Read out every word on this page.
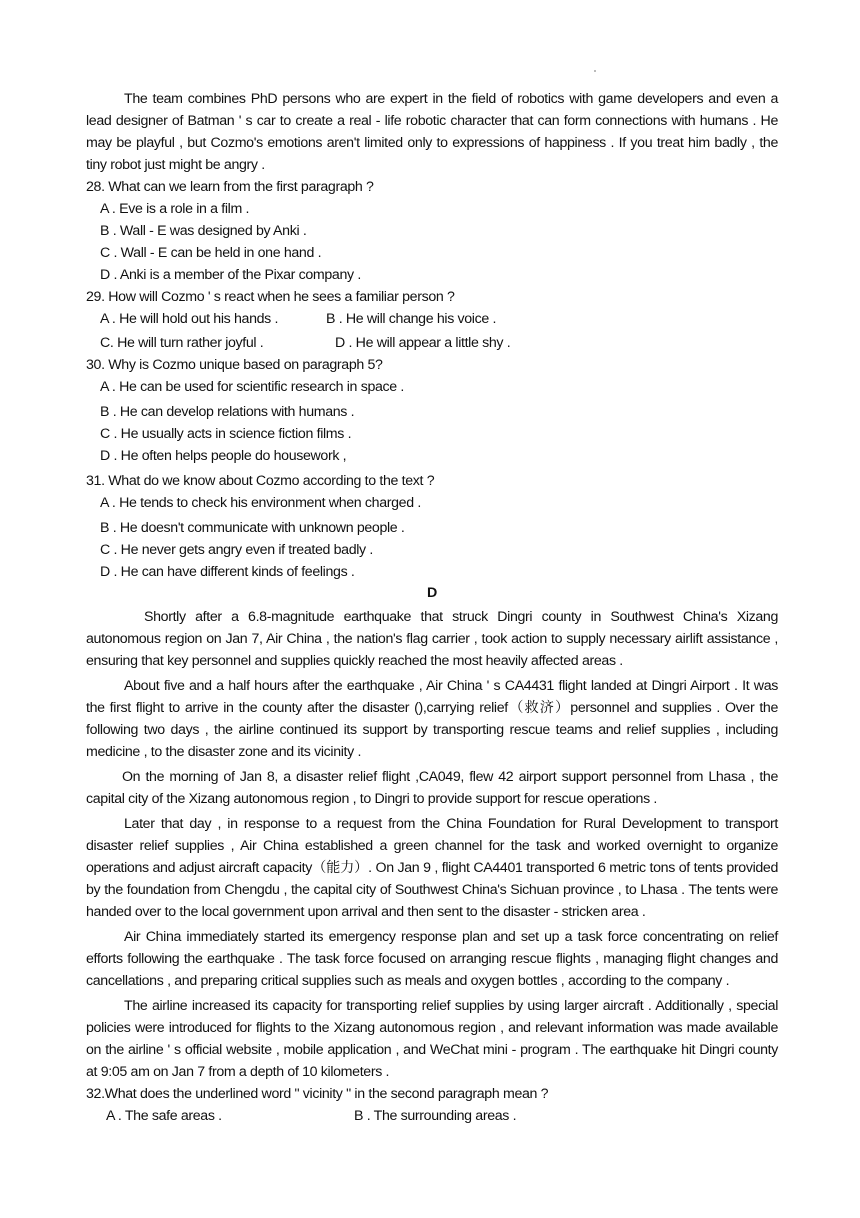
The team combines PhD persons who are expert in the field of robotics with game developers and even a lead designer of Batman ' s car to create a real - life robotic character that can form connections with humans . He may be playful , but Cozmo's emotions aren't limited only to expressions of happiness . If you treat him badly , the tiny robot just might be angry .

28. What can we learn from the first paragraph ?

A . Eve is a role in a film .

B . Wall - E was designed by Anki .

C . Wall - E can be held in one hand .

D . Anki is a member of the Pixar company .

29. How will Cozmo ' s react when he sees a familiar person ?

A . He will hold out his hands .	B . He will change his voice .

C. He will turn rather joyful .	D . He will appear a little shy .

30. Why is Cozmo unique based on paragraph 5?

A . He can be used for scientific research in space .

B . He can develop relations with humans .

C . He usually acts in science fiction films .

D . He often helps people do housework ,

31. What do we know about Cozmo according to the text ?

A . He tends to check his environment when charged .

B . He doesn't communicate with unknown people .

C . He never gets angry even if treated badly .

D . He can have different kinds of feelings .

D

Shortly after a 6.8-magnitude earthquake that struck Dingri county in Southwest China's Xizang autonomous region on Jan 7, Air China , the nation's flag carrier , took action to supply necessary airlift assistance , ensuring that key personnel and supplies quickly reached the most heavily affected areas .

About five and a half hours after the earthquake , Air China ' s CA4431 flight landed at Dingri Airport . It was the first flight to arrive in the county after the disaster (),carrying relief（救济）personnel and supplies . Over the following two days , the airline continued its support by transporting rescue teams and relief supplies , including medicine , to the disaster zone and its vicinity .

On the morning of Jan 8, a disaster relief flight ,CA049, flew 42 airport support personnel from Lhasa , the capital city of the Xizang autonomous region , to Dingri to provide support for rescue operations .

Later that day , in response to a request from the China Foundation for Rural Development to transport disaster relief supplies , Air China established a green channel for the task and worked overnight to organize operations and adjust aircraft capacity（能力）. On Jan 9 , flight CA4401 transported 6 metric tons of tents provided by the foundation from Chengdu , the capital city of Southwest China's Sichuan province , to Lhasa . The tents were handed over to the local government upon arrival and then sent to the disaster - stricken area .

Air China immediately started its emergency response plan and set up a task force concentrating on relief efforts following the earthquake . The task force focused on arranging rescue flights , managing flight changes and cancellations , and preparing critical supplies such as meals and oxygen bottles , according to the company .

The airline increased its capacity for transporting relief supplies by using larger aircraft . Additionally , special policies were introduced for flights to the Xizang autonomous region , and relevant information was made available on the airline ' s official website , mobile application , and WeChat mini - program . The earthquake hit Dingri county at 9:05 am on Jan 7 from a depth of 10 kilometers .

32.What does the underlined word " vicinity " in the second paragraph mean ?

A . The safe areas .	B . The surrounding areas .
